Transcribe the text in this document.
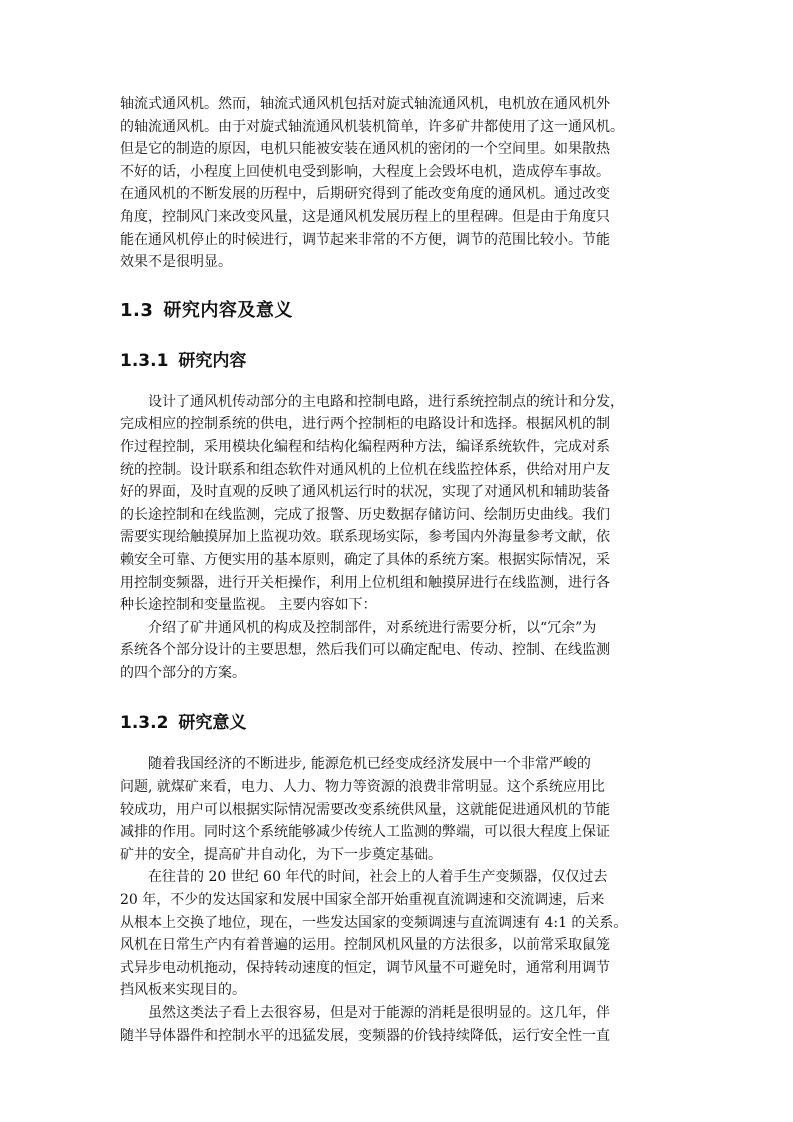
轴流式通风机。然而，轴流式通风机包括对旋式轴流通风机，电机放在通风机外
的轴流通风机。由于对旋式轴流通风机装机简单，许多矿井都使用了这一通风机。
但是它的制造的原因，电机只能被安装在通风机的密闭的一个空间里。如果散热
不好的话，小程度上回使机电受到影响，大程度上会毁坏电机，造成停车事故。
在通风机的不断发展的历程中，后期研究得到了能改变角度的通风机。通过改变
角度，控制风门来改变风量，这是通风机发展历程上的里程碑。但是由于角度只
能在通风机停止的时候进行，调节起来非常的不方便，调节的范围比较小。节能
效果不是很明显。
1.3 研究内容及意义
1.3.1 研究内容
设计了通风机传动部分的主电路和控制电路，进行系统控制点的统计和分发，
完成相应的控制系统的供电，进行两个控制柜的电路设计和选择。根据风机的制
作过程控制，采用模块化编程和结构化编程两种方法，编译系统软件，完成对系
统的控制。设计联系和组态软件对通风机的上位机在线监控体系，供给对用户友
好的界面，及时直观的反映了通风机运行时的状况，实现了对通风机和辅助装备
的长途控制和在线监测，完成了报警、历史数据存储访问、绘制历史曲线。我们
需要实现给触摸屏加上监视功效。联系现场实际，参考国内外海量参考文献，依
赖安全可靠、方便实用的基本原则，确定了具体的系统方案。根据实际情况，采
用控制变频器，进行开关柜操作，利用上位机组和触摸屏进行在线监测，进行各
种长途控制和变量监视。 主要内容如下：
介绍了矿井通风机的构成及控制部件，对系统进行需要分析，以“冗余”为
系统各个部分设计的主要思想，然后我们可以确定配电、传动、控制、在线监测
的四个部分的方案。
1.3.2 研究意义
随着我国经济的不断进步, 能源危机已经变成经济发展中一个非常严峻的
问题, 就煤矿来看，电力、人力、物力等资源的浪费非常明显。这个系统应用比
较成功，用户可以根据实际情况需要改变系统供风量，这就能促进通风机的节能
减排的作用。同时这个系统能够减少传统人工监测的弊端，可以很大程度上保证
矿井的安全，提高矿井自动化，为下一步奠定基础。
在往昔的 20 世纪 60 年代的时间，社会上的人着手生产变频器，仅仅过去
20 年，不少的发达国家和发展中国家全部开始重视直流调速和交流调速，后来
从根本上交换了地位，现在，一些发达国家的变频调速与直流调速有 4:1 的关系。
风机在日常生产内有着普遍的运用。控制风机风量的方法很多，以前常采取鼠笼
式异步电动机拖动，保持转动速度的恒定，调节风量不可避免时，通常利用调节
挡风板来实现目的。
虽然这类法子看上去很容易，但是对于能源的消耗是很明显的。这几年，伴
随半导体器件和控制水平的迅猛发展，变频器的价钱持续降低，运行安全性一直
